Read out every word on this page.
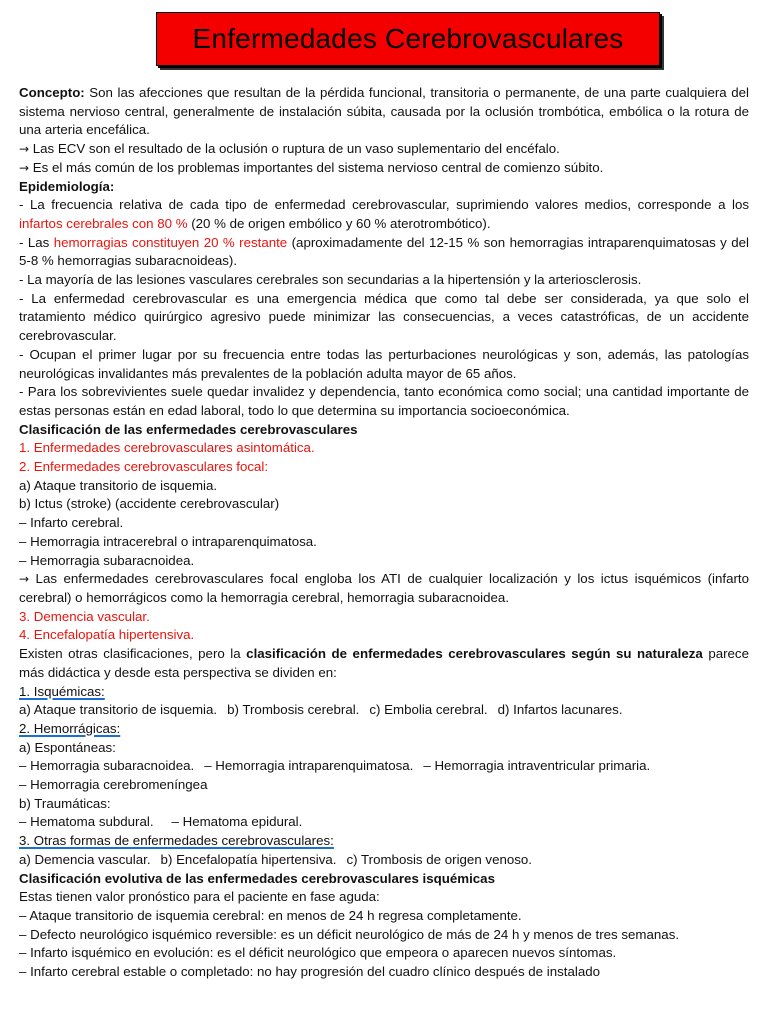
Enfermedades Cerebrovasculares

Concepto: Son las afecciones que resultan de la pérdida funcional, transitoria o permanente, de una parte cualquiera del sistema nervioso central, generalmente de instalación súbita, causada por la oclusión trombótica, embólica o la rotura de una arteria encefálica.

→ Las ECV son el resultado de la oclusión o ruptura de un vaso suplementario del encéfalo.

→ Es el más común de los problemas importantes del sistema nervioso central de comienzo súbito.

Epidemiología:

- La frecuencia relativa de cada tipo de enfermedad cerebrovascular, suprimiendo valores medios, corresponde a los infartos cerebrales con 80 % (20 % de origen embólico y 60 % aterotrombótico).

- Las hemorragias constituyen 20 % restante (aproximadamente del 12-15 % son hemorragias intraparenquimatosas y del 5-8 % hemorragias subaracnoideas).

- La mayoría de las lesiones vasculares cerebrales son secundarias a la hipertensión y la arteriosclerosis.

- La enfermedad cerebrovascular es una emergencia médica que como tal debe ser considerada, ya que solo el tratamiento médico quirúrgico agresivo puede minimizar las consecuencias, a veces catastróficas, de un accidente cerebrovascular.

- Ocupan el primer lugar por su frecuencia entre todas las perturbaciones neurológicas y son, además, las patologías neurológicas invalidantes más prevalentes de la población adulta mayor de 65 años.

- Para los sobrevivientes suele quedar invalidez y dependencia, tanto económica como social; una cantidad importante de estas personas están en edad laboral, todo lo que determina su importancia socioeconómica.

Clasificación de las enfermedades cerebrovasculares

1. Enfermedades cerebrovasculares asintomática.

2. Enfermedades cerebrovasculares focal:

a) Ataque transitorio de isquemia.

b) Ictus (stroke) (accidente cerebrovascular)

– Infarto cerebral.

– Hemorragia intracerebral o intraparenquimatosa.

– Hemorragia subaracnoidea.

→ Las enfermedades cerebrovasculares focal engloba los ATI de cualquier localización y los ictus isquémicos (infarto cerebral) o hemorrágicos como la hemorragia cerebral, hemorragia subaracnoidea.

3. Demencia vascular.

4. Encefalopatía hipertensiva.

Existen otras clasificaciones, pero la clasificación de enfermedades cerebrovasculares según su naturaleza parece más didáctica y desde esta perspectiva se dividen en:

1. Isquémicas:

a) Ataque transitorio de isquemia. b) Trombosis cerebral. c) Embolia cerebral. d) Infartos lacunares.

2. Hemorrágicas:

a) Espontáneas:

– Hemorragia subaracnoidea. – Hemorragia intraparenquimatosa. – Hemorragia intraventricular primaria.

– Hemorragia cerebromeníngea

b) Traumáticas:

– Hematoma subdural. – Hematoma epidural.

3. Otras formas de enfermedades cerebrovasculares:

a) Demencia vascular. b) Encefalopatía hipertensiva. c) Trombosis de origen venoso.

Clasificación evolutiva de las enfermedades cerebrovasculares isquémicas

Estas tienen valor pronóstico para el paciente en fase aguda:

– Ataque transitorio de isquemia cerebral: en menos de 24 h regresa completamente.

– Defecto neurológico isquémico reversible: es un déficit neurológico de más de 24 h y menos de tres semanas.

– Infarto isquémico en evolución: es el déficit neurológico que empeora o aparecen nuevos síntomas.

– Infarto cerebral estable o completado: no hay progresión del cuadro clínico después de instalado
